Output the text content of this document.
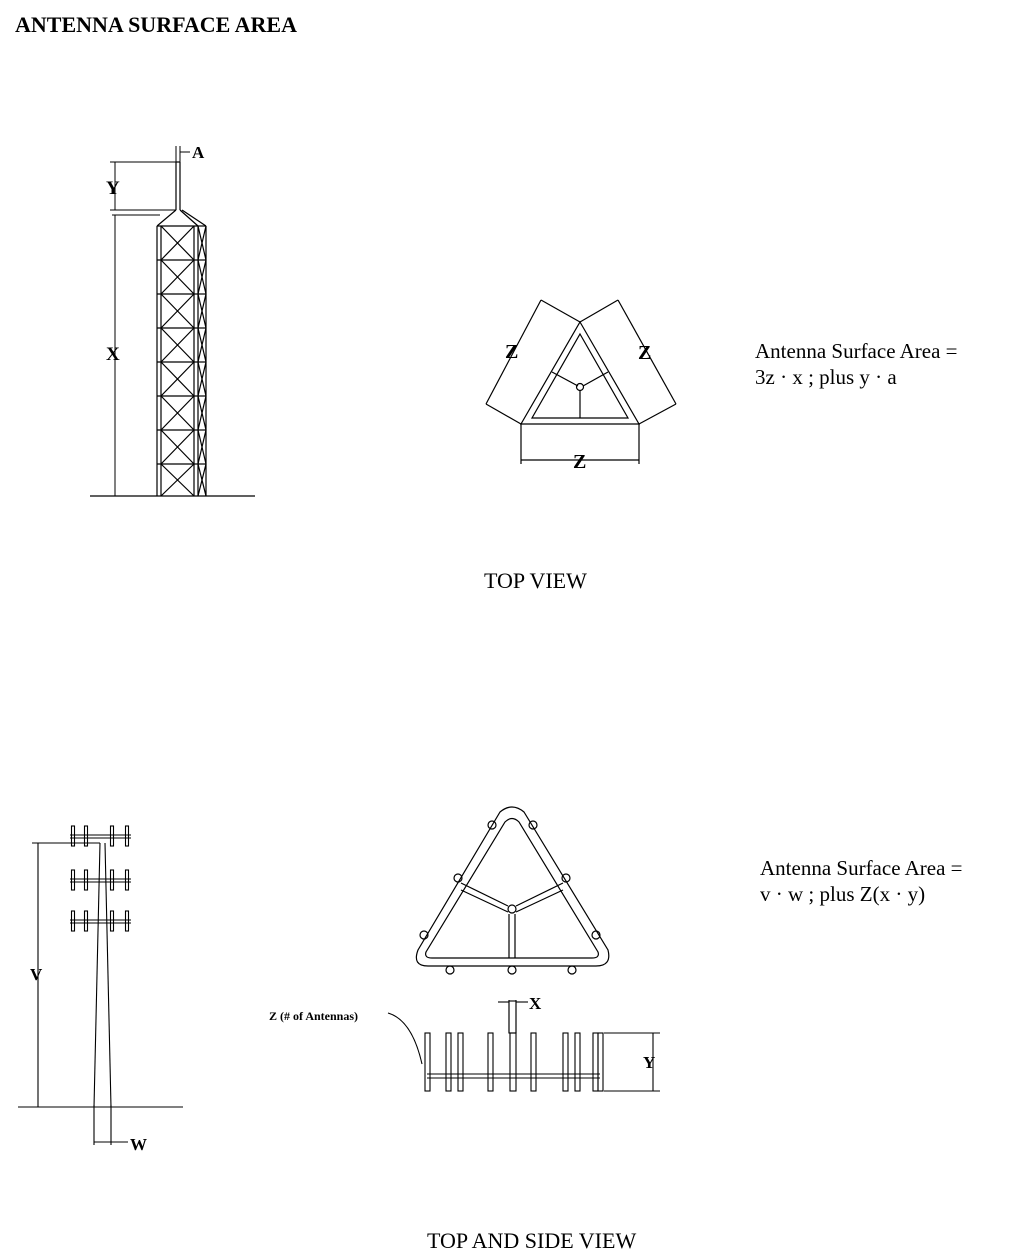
ANTENNA SURFACE AREA
A
Y
X	Z	Z
Z
Antenna Surface Area =
3z · x ; plus y · a
TOP VIEW
V
W
X
Y
Z (# of Antennas)
Antenna Surface Area =
v · w ; plus Z(x · y)
TOP AND SIDE VIEW
